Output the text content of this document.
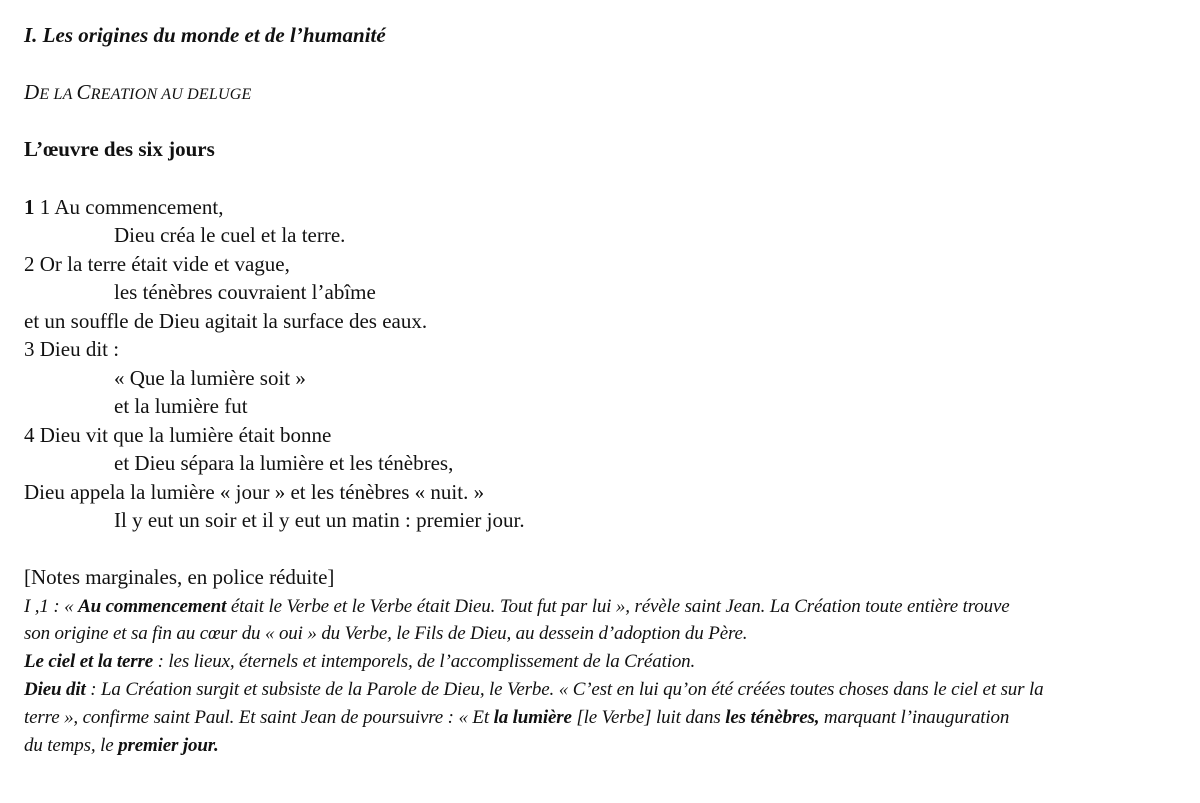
I. Les origines du monde et de l’humanité
DE LA CREATION AU DELUGE
L’œuvre des six jours
1 1 Au commencement,
Dieu créa le cuel et la terre.
2 Or la terre était vide et vague,
les ténèbres couvraient l’abîme
et un souffle de Dieu agitait la surface des eaux.
3 Dieu dit :
« Que la lumière soit »
et la lumière fut
4 Dieu vit que la lumière était bonne
et Dieu sépara la lumière et les ténèbres,
Dieu appela la lumière « jour » et les ténèbres « nuit. »
Il y eut un soir et il y eut un matin : premier jour.
[Notes marginales, en police réduite]
I ,1 : « Au commencement était le Verbe et le Verbe était Dieu. Tout fut par lui », révèle saint Jean. La Création toute entière trouve
son origine et sa fin au cœur du « oui » du Verbe, le Fils de Dieu, au dessein d’adoption du Père.
Le ciel et la terre : les lieux, éternels et intemporels, de l’accomplissement de la Création.
Dieu dit : La Création surgit et subsiste de la Parole de Dieu, le Verbe. « C’est en lui qu’on été créées toutes choses dans le ciel et sur la
terre », confirme saint Paul. Et saint Jean de poursuivre : « Et la lumière [le Verbe] luit dans les ténèbres, marquant l’inauguration
du temps, le premier jour.
